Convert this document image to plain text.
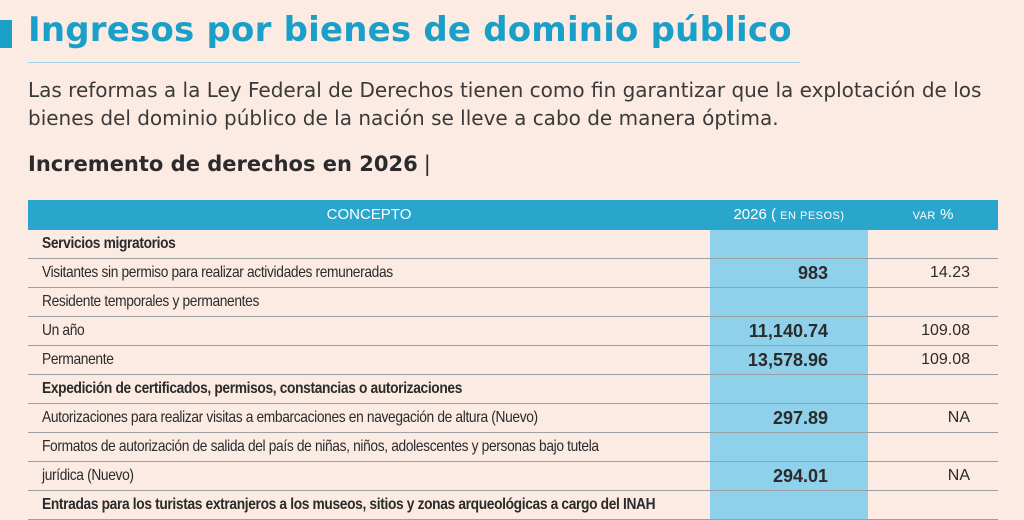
Ingresos por bienes de dominio público
Las reformas a la Ley Federal de Derechos tienen como fin garantizar que la explotación de los bienes del dominio público de la nación se lleve a cabo de manera óptima.
Incremento de derechos en 2026 |
CONCEPTO	2026 ( EN PESOS)	VAR %
Servicios migratorios
Visitantes sin permiso para realizar actividades remuneradas	983	14.23
Residente temporales y permanentes
Un año	11,140.74	109.08
Permanente	13,578.96	109.08
Expedición de certificados, permisos, constancias o autorizaciones
Autorizaciones para realizar visitas a embarcaciones en navegación de altura (Nuevo)	297.89	NA
Formatos de autorización de salida del país de niñas, niños, adolescentes y personas bajo tutela
jurídica (Nuevo)	294.01	NA
Entradas para los turistas extranjeros a los museos, sitios y zonas arqueológicas a cargo del INAH
